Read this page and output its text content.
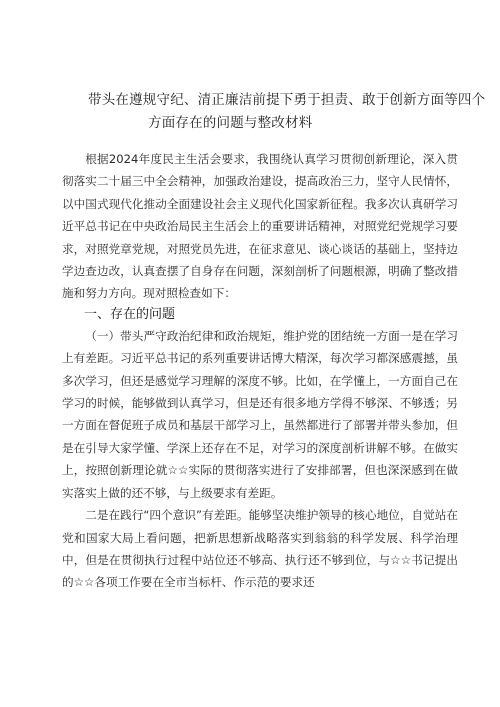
带头在遵规守纪、清正廉洁前提下勇于担责、敢于创新方面等四个
方面存在的问题与整改材料

根据2024年度民主生活会要求，我围绕认真学习贯彻创新理论，深入贯彻落实二十届三中全会精神，加强政治建设，提高政治三力，坚守人民情怀，以中国式现代化推动全面建设社会主义现代化国家新征程。我多次认真研学习近平总书记在中央政治局民主生活会上的重要讲话精神，对照党纪党规学习要求，对照党章党规，对照党员先进，在征求意见、谈心谈话的基础上，坚持边学边查边改，认真查摆了自身存在问题，深刻剖析了问题根源，明确了整改措施和努力方向。现对照检查如下：

一、存在的问题

（一）带头严守政治纪律和政治规矩，维护党的团结统一方面一是在学习上有差距。习近平总书记的系列重要讲话博大精深，每次学习都深感震撼，虽多次学习，但还是感觉学习理解的深度不够。比如，在学懂上，一方面自己在学习的时候，能够做到认真学习，但是还有很多地方学得不够深、不够透；另一方面在督促班子成员和基层干部学习上，虽然都进行了部署并带头参加，但是在引导大家学懂、学深上还存在不足，对学习的深度剖析讲解不够。在做实上，按照创新理论就☆☆实际的贯彻落实进行了安排部署，但也深深感到在做实落实上做的还不够，与上级要求有差距。

二是在践行“四个意识”有差距。能够坚决维护领导的核心地位，自觉站在党和国家大局上看问题，把新思想新战略落实到翁翁的科学发展、科学治理中，但是在贯彻执行过程中站位还不够高、执行还不够到位，与☆☆书记提出的☆☆各项工作要在全市当标杆、作示范的要求还
